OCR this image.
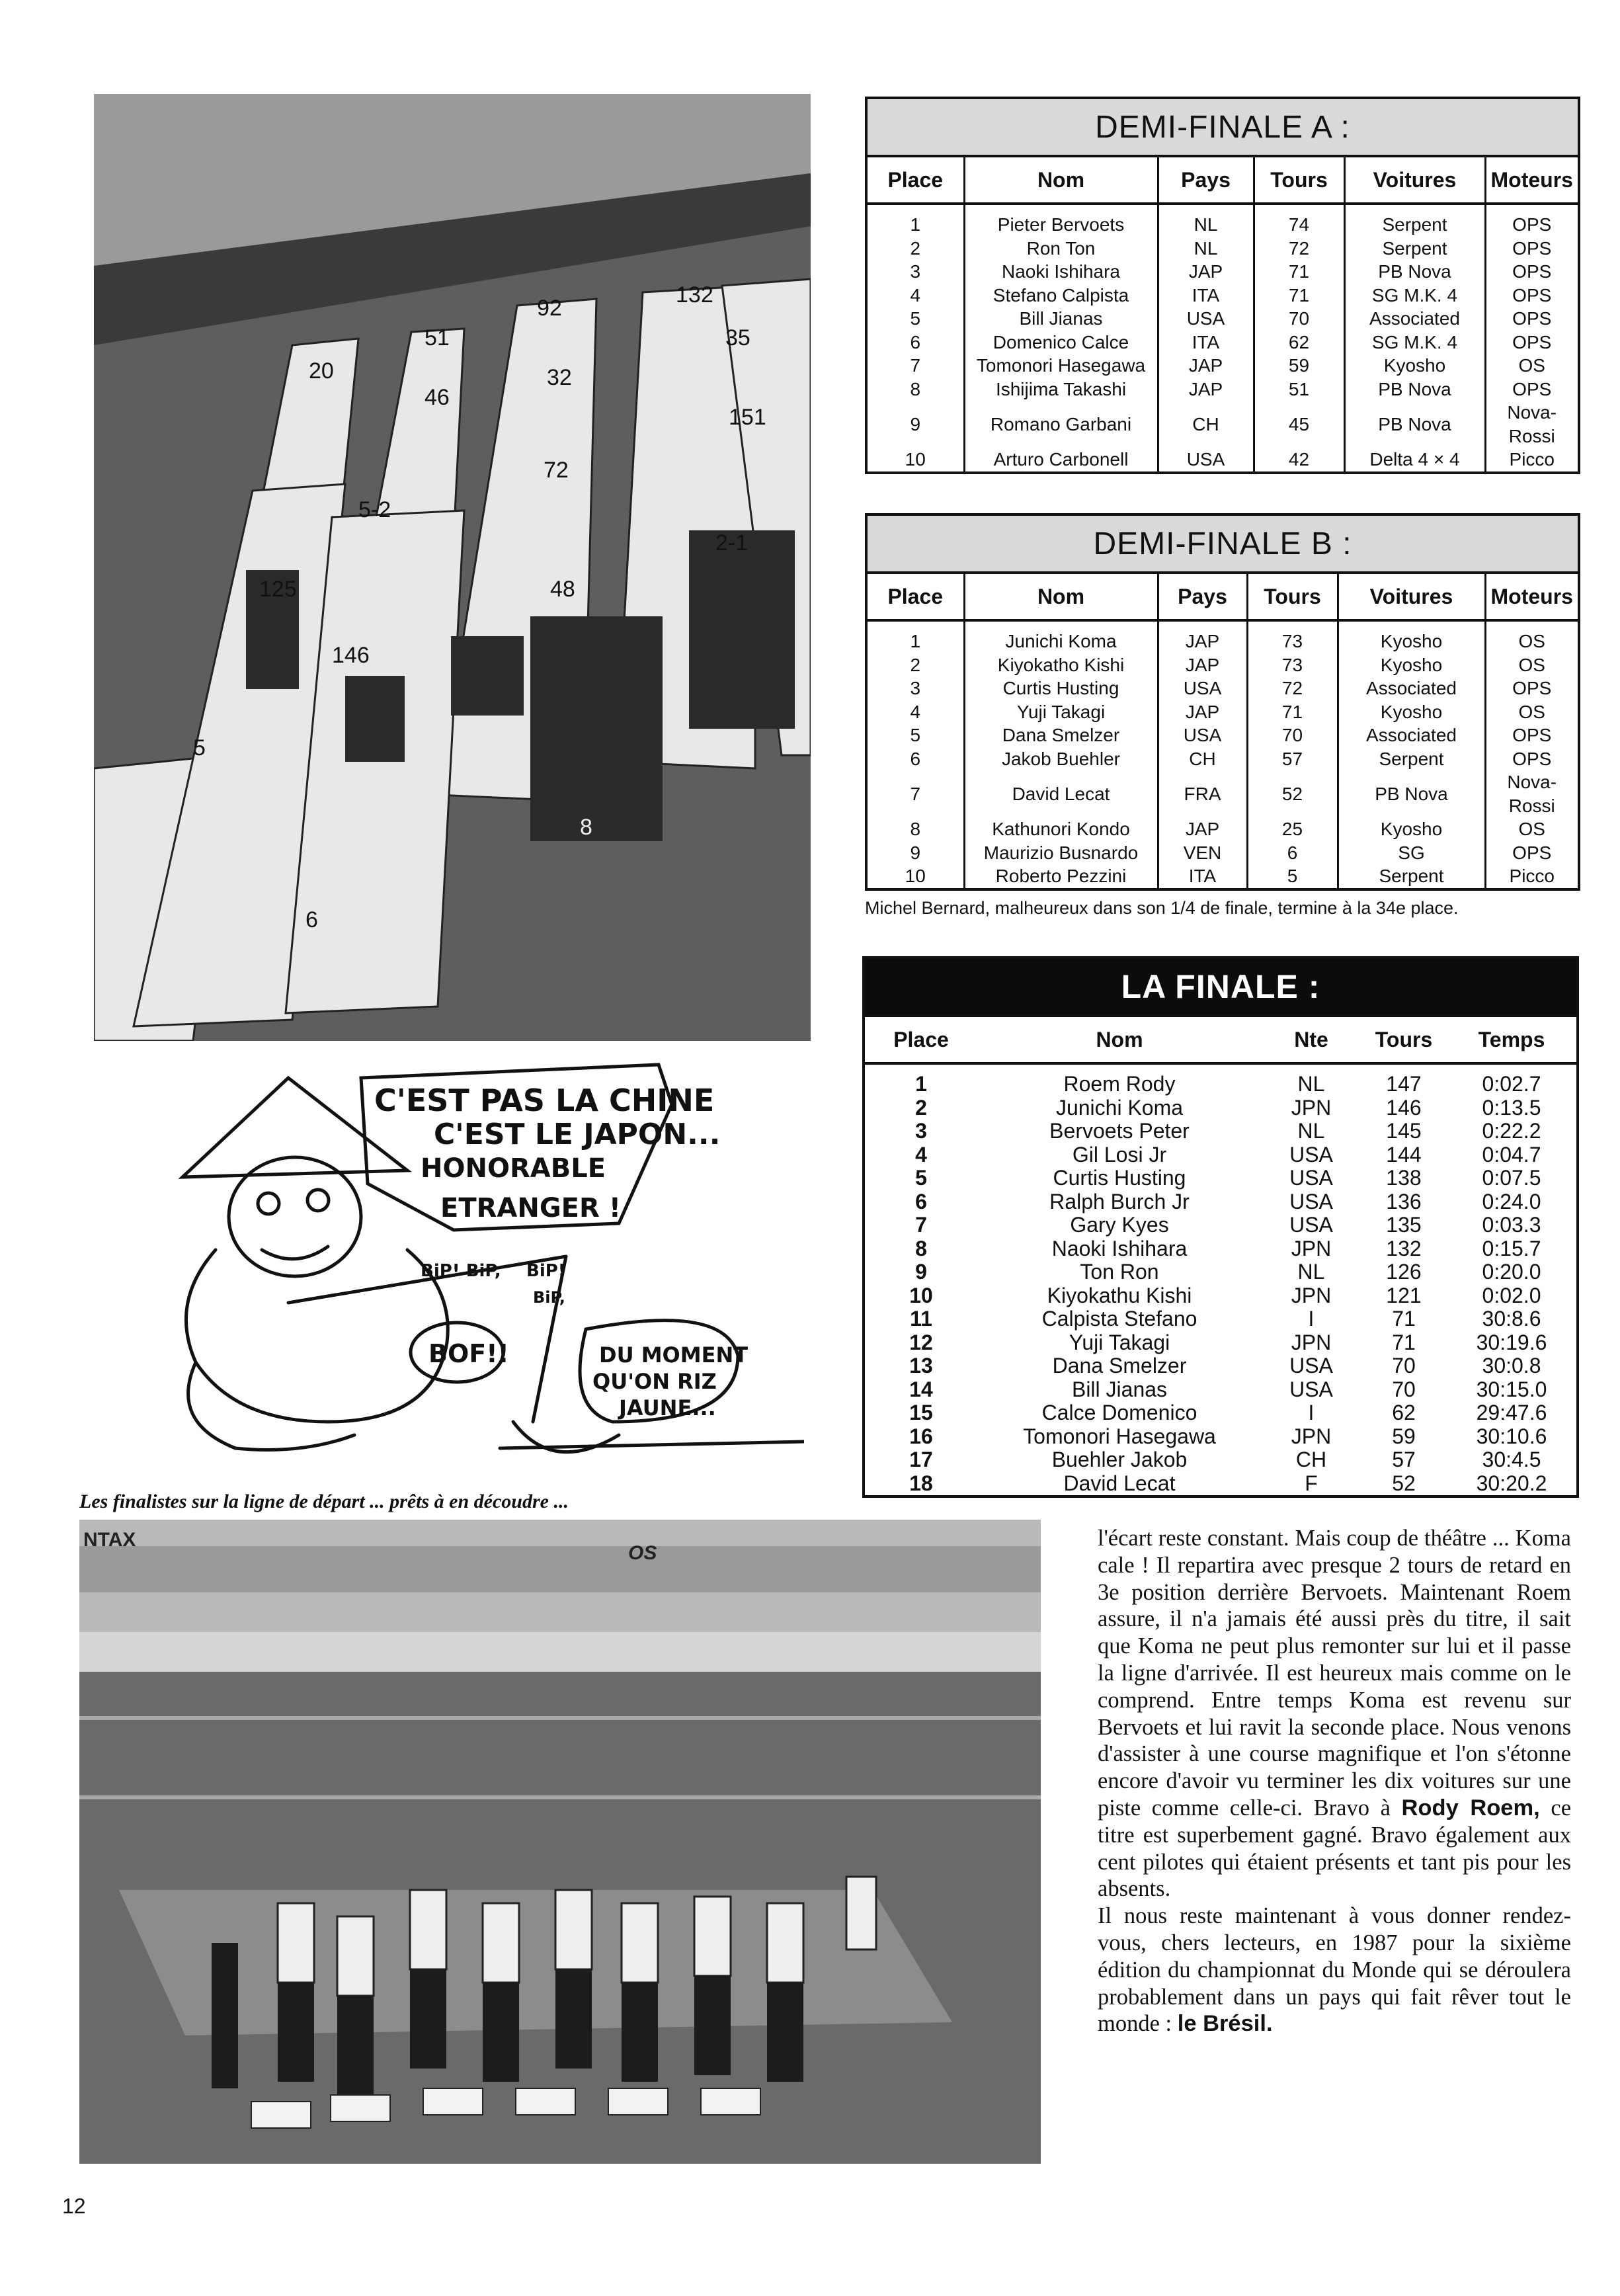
20
51
92
132
46
32
35
151
72
5-2
125
146
48
2-1
8
6
5
C'EST PAS LA CHINE
C'EST LE JAPON...
HONORABLE
ETRANGER !
BiP! BiP, BiP!
BiP,
BOF!!	DU MOMENT
QU'ON RIZ
JAUNE...
Les finalistes sur la ligne de départ ... prêts à en découdre ...
NTAX
OS
DEMI-FINALE A :
Place	Nom	Pays	Tours	Voitures	Moteurs
1	Pieter Bervoets	NL	74	Serpent	OPS
2	Ron Ton	NL	72	Serpent	OPS
3	Naoki Ishihara	JAP	71	PB Nova	OPS
4	Stefano Calpista	ITA	71	SG M.K. 4	OPS
5	Bill Jianas	USA	70	Associated	OPS
6	Domenico Calce	ITA	62	SG M.K. 4	OPS
7	Tomonori Hasegawa	JAP	59	Kyosho	OS
8	Ishijima Takashi	JAP	51	PB Nova	OPS
9	Romano Garbani	CH	45	PB Nova	Nova-Rossi
10	Arturo Carbonell	USA	42	Delta 4 × 4	Picco
DEMI-FINALE B :
Place	Nom	Pays	Tours	Voitures	Moteurs
1	Junichi Koma	JAP	73	Kyosho	OS
2	Kiyokatho Kishi	JAP	73	Kyosho	OS
3	Curtis Husting	USA	72	Associated	OPS
4	Yuji Takagi	JAP	71	Kyosho	OS
5	Dana Smelzer	USA	70	Associated	OPS
6	Jakob Buehler	CH	57	Serpent	OPS
7	David Lecat	FRA	52	PB Nova	Nova-Rossi
8	Kathunori Kondo	JAP	25	Kyosho	OS
9	Maurizio Busnardo	VEN	6	SG	OPS
10	Roberto Pezzini	ITA	5	Serpent	Picco
Michel Bernard, malheureux dans son 1/4 de finale, termine à la 34e place.
LA FINALE :
Place	Nom	Nte	Tours	Temps
1	Roem Rody	NL	147	0:02.7
2	Junichi Koma	JPN	146	0:13.5
3	Bervoets Peter	NL	145	0:22.2
4	Gil Losi Jr	USA	144	0:04.7
5	Curtis Husting	USA	138	0:07.5
6	Ralph Burch Jr	USA	136	0:24.0
7	Gary Kyes	USA	135	0:03.3
8	Naoki Ishihara	JPN	132	0:15.7
9	Ton Ron	NL	126	0:20.0
10	Kiyokathu Kishi	JPN	121	0:02.0
11	Calpista Stefano	I	71	30:8.6
12	Yuji Takagi	JPN	71	30:19.6
13	Dana Smelzer	USA	70	30:0.8
14	Bill Jianas	USA	70	30:15.0
15	Calce Domenico	I	62	29:47.6
16	Tomonori Hasegawa	JPN	59	30:10.6
17	Buehler Jakob	CH	57	30:4.5
18	David Lecat	F	52	30:20.2

l'écart reste constant. Mais coup de théâtre ... Koma cale ! Il repartira avec presque 2 tours de retard en 3e position derrière Bervoets. Maintenant Roem assure, il n'a jamais été aussi près du titre, il sait que Koma ne peut plus remonter sur lui et il passe la ligne d'arrivée. Il est heureux mais comme on le comprend. Entre temps Koma est revenu sur Bervoets et lui ravit la seconde place. Nous venons d'assister à une course magnifique et l'on s'étonne encore d'avoir vu terminer les dix voitures sur une piste comme celle-ci. Bravo à Rody Roem, ce titre est superbement gagné. Bravo également aux cent pilotes qui étaient présents et tant pis pour les absents.

Il nous reste maintenant à vous donner rendez-vous, chers lecteurs, en 1987 pour la sixième édition du championnat du Monde qui se déroulera probablement dans un pays qui fait rêver tout le monde : le Brésil.

12
